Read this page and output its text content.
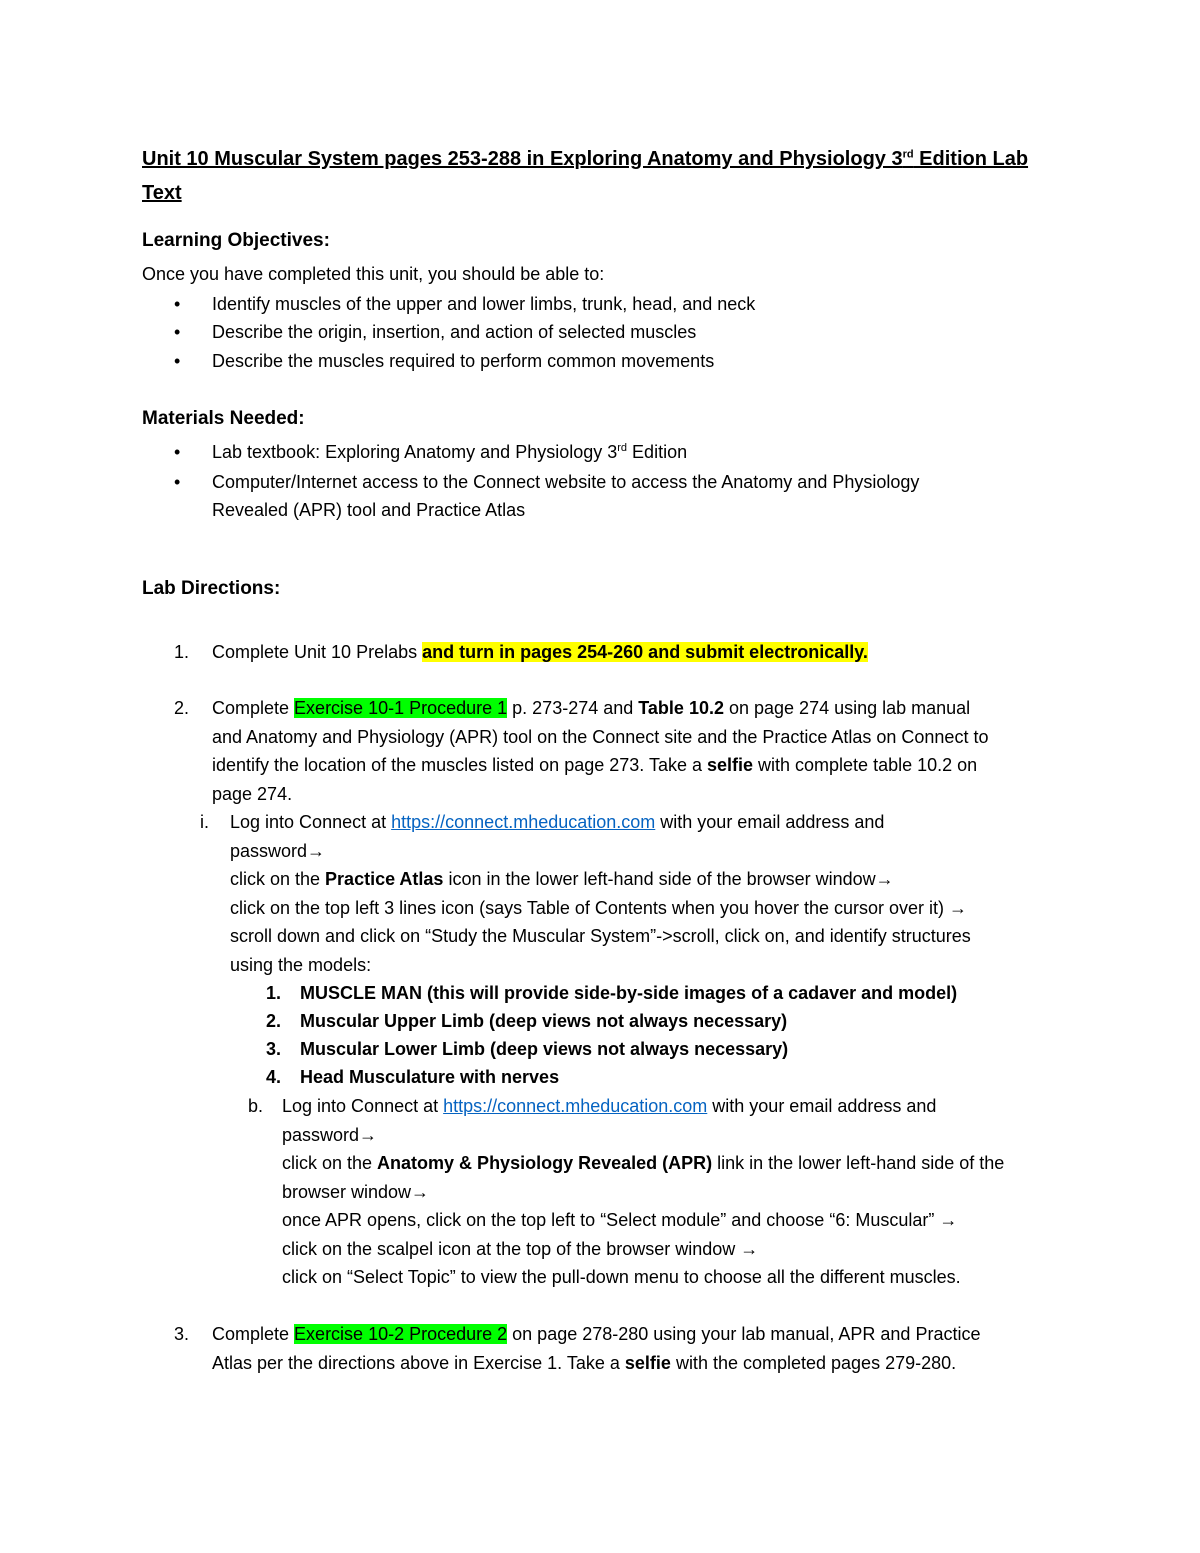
Unit 10 Muscular System pages 253-288 in Exploring Anatomy and Physiology 3rd Edition Lab
Text
Learning Objectives:
Once you have completed this unit, you should be able to:
• Identify muscles of the upper and lower limbs, trunk, head, and neck
• Describe the origin, insertion, and action of selected muscles
• Describe the muscles required to perform common movements
Materials Needed:
• Lab textbook: Exploring Anatomy and Physiology 3rd Edition
• Computer/Internet access to the Connect website to access the Anatomy and Physiology
Revealed (APR) tool and Practice Atlas
Lab Directions:
1. Complete Unit 10 Prelabs and turn in pages 254-260 and submit electronically.
2. Complete Exercise 10-1 Procedure 1 p. 273-274 and Table 10.2 on page 274 using lab manual
and Anatomy and Physiology (APR) tool on the Connect site and the Practice Atlas on Connect to
identify the location of the muscles listed on page 273. Take a selfie with complete table 10.2 on
page 274.
i. Log into Connect at https://connect.mheducation.com with your email address and
password→
click on the Practice Atlas icon in the lower left-hand side of the browser window→
click on the top left 3 lines icon (says Table of Contents when you hover the cursor over it) →
scroll down and click on “Study the Muscular System”->scroll, click on, and identify structures
using the models:
1. MUSCLE MAN (this will provide side-by-side images of a cadaver and model)
2. Muscular Upper Limb (deep views not always necessary)
3. Muscular Lower Limb (deep views not always necessary)
4. Head Musculature with nerves
b. Log into Connect at https://connect.mheducation.com with your email address and
password→
click on the Anatomy & Physiology Revealed (APR) link in the lower left-hand side of the
browser window→
once APR opens, click on the top left to “Select module” and choose “6: Muscular” →
click on the scalpel icon at the top of the browser window →
click on “Select Topic” to view the pull-down menu to choose all the different muscles.
3. Complete Exercise 10-2 Procedure 2 on page 278-280 using your lab manual, APR and Practice
Atlas per the directions above in Exercise 1. Take a selfie with the completed pages 279-280.
